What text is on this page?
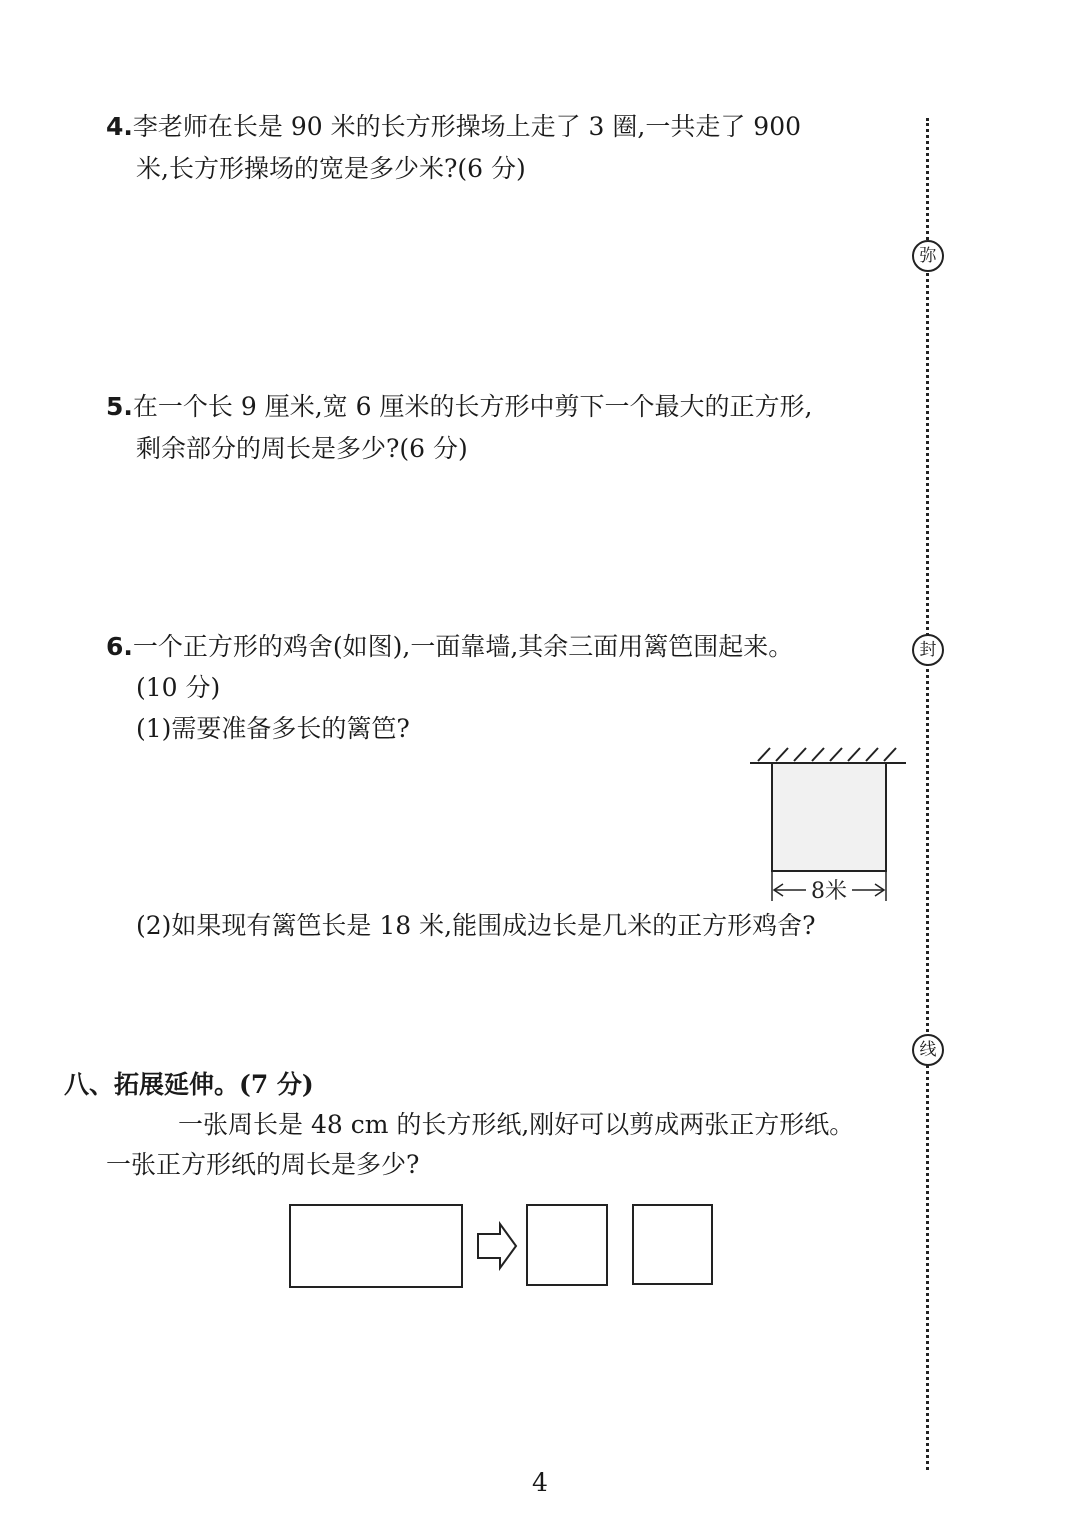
弥
封
线
4.李老师在长是 90 米的长方形操场上走了 3 圈,一共走了 900
米,长方形操场的宽是多少米?(6 分)
5.在一个长 9 厘米,宽 6 厘米的长方形中剪下一个最大的正方形,
剩余部分的周长是多少?(6 分)
6.一个正方形的鸡舍(如图),一面靠墙,其余三面用篱笆围起来。
(10 分)
(1)需要准备多长的篱笆?
8米
(2)如果现有篱笆长是 18 米,能围成边长是几米的正方形鸡舍?
八、拓展延伸。(7 分)
一张周长是 48 cm 的长方形纸,刚好可以剪成两张正方形纸。
一张正方形纸的周长是多少?
4
